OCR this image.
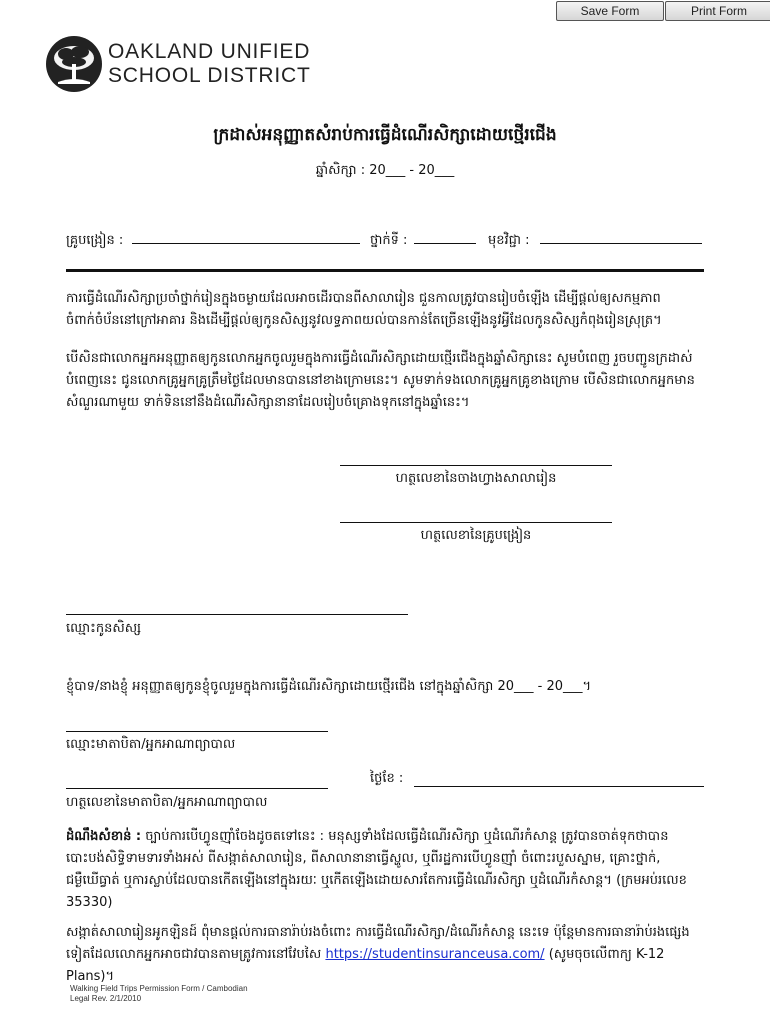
Save Form	Print Form
OAKLAND UNIFIED
SCHOOL DISTRICT
ក្រដាស់អនុញ្ញាតសំរាប់ការធ្វើដំណើរសិក្សាដោយថ្មើរជើង
ឆ្នាំសិក្សា : 20___ - 20___
គ្រូបង្រៀន :	ថ្នាក់ទី :	មុខវិជ្ជា :
ការធ្វើដំណើរសិក្សាប្រចាំថ្នាក់រៀនក្នុងចម្ងាយដែលអាចដើរបានពីសាលារៀន ជួនកាលត្រូវបានរៀបចំឡើង ដើម្បីផ្ដល់ឲ្យសកម្មភាពចំពាក់ចំប័ននៅក្រៅអាគារ និងដើម្បីផ្ដល់ឲ្យកូនសិស្សនូវលទ្ធភាពយល់បានកាន់តែច្រើនឡើងនូវអ្វីដែលកូនសិស្សកំពុងរៀនស្រុត្រ។
បើសិនជាលោកអ្នកអនុញ្ញាតឲ្យកូនលោកអ្នកចូលរួមក្នុងការធ្វើដំណើរសិក្សាដោយថ្មើរជើងក្នុងឆ្នាំសិក្សានេះ សូមបំពេញ រួចបញ្ជូនក្រដាស់បំពេញនេះ ជូនលោកគ្រូអ្នកគ្រូត្រឹមថ្ងៃដែលមានបាននៅខាងក្រោមនេះ។ សូមទាក់ទងលោកគ្រូអ្នកគ្រូខាងក្រោម បើសិនជាលោកអ្នកមានសំណួរណាមួយ ទាក់ទិននៅនឹងដំណើរសិក្សានានាដែលរៀបចំគ្រោងទុកនៅក្នុងឆ្នាំនេះ។
ហត្ថលេខានៃចាងហ្វាងសាលារៀន
ហត្ថលេខានៃគ្រូបង្រៀន
ឈ្មោះកូនសិស្ស
ខ្ញុំបាទ/នាងខ្ញុំ អនុញ្ញាតឲ្យកូនខ្ញុំចូលរួមក្នុងការធ្វើដំណើរសិក្សាដោយថ្មើរជើង នៅក្នុងឆ្នាំសិក្សា 20___ - 20___។
ឈ្មោះមាតាបិតា/អ្នកអាណាព្យាបាល
ហត្ថលេខានៃមាតាបិតា/អ្នកអាណាព្យាបាល
ថ្ងៃខែ :
ដំណឹងសំខាន់ : ច្បាប់ការបើហ្វូនញ៉ាំចែងដូចតទៅនេះ : មនុស្សទាំងដែលធ្វើដំណើរសិក្សា ឬដំណើរកំសាន្ត ត្រូវបានចាត់ទុកថាបានបោះបង់សិទ្ធិទាមទារទាំងអស់ ពីសង្កាត់សាលារៀន, ពីសាលានានាធ្វើស្ហូល, ឬពីរដ្ឋការបើហ្វូនញ៉ាំ ចំពោះរបួសស្នាម, គ្រោះថ្នាក់, ជម្ងឺឃើធ្វាត់ ឬការស្លាប់ដែលបានកើតឡើងនៅក្នុងរយៈ ឬកើតឡើងដោយសារតែការធ្វើដំណើរសិក្សា ឬដំណើរកំសាន្ត។ (ក្រមអប់រលេខ 35330)
សង្កាត់សាលារៀនអូកឡិនដ៍ ពុំមានផ្ដល់ការធានារ៉ាប់រងចំពោះ ការធ្វើដំណើរសិក្សា/ដំណើរកំសាន្ត នេះទេ ប៉ុន្តែមានការធានារ៉ាប់រងផ្សេងទៀតដែលលោកអ្នកអាចជាវបានតាមត្រូវការនៅវែបសៃ https://studentinsuranceusa.com/ (សូមចុចលើពាក្យ K-12 Plans)។
Walking Field Trips Permission Form / Cambodian
Legal Rev. 2/1/2010
